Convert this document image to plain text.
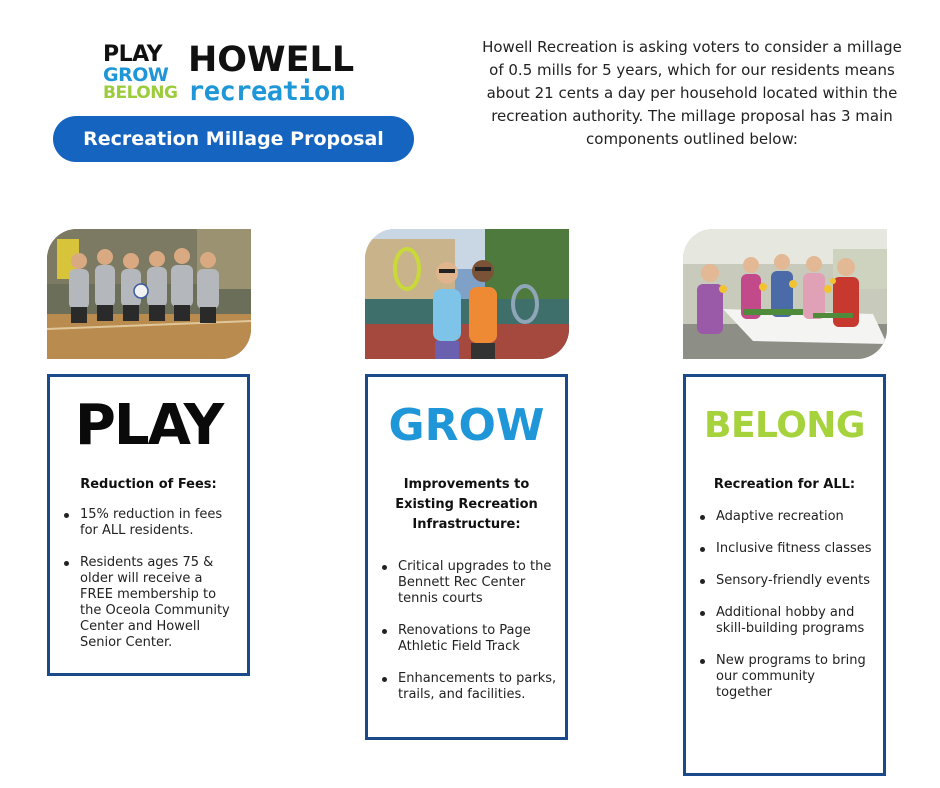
PLAY
GROW
BELONG
HOWELL
recreation
Recreation Millage Proposal
Howell Recreation is asking voters to consider a millage of 0.5 mills for 5 years, which for our residents means about 21 cents a day per household located within the recreation authority. The millage proposal has 3 main components outlined below:
PLAY
Reduction of Fees:
15% reduction in fees for ALL residents.
Residents ages 75 & older will receive a FREE membership to the Oceola Community Center and Howell Senior Center.
GROW
Improvements to Existing Recreation Infrastructure:
Critical upgrades to the Bennett Rec Center tennis courts
Renovations to Page Athletic Field Track
Enhancements to parks, trails, and facilities.
BELONG
Recreation for ALL:
Adaptive recreation
Inclusive fitness classes
Sensory-friendly events
Additional hobby and skill-building programs
New programs to bring our community together
